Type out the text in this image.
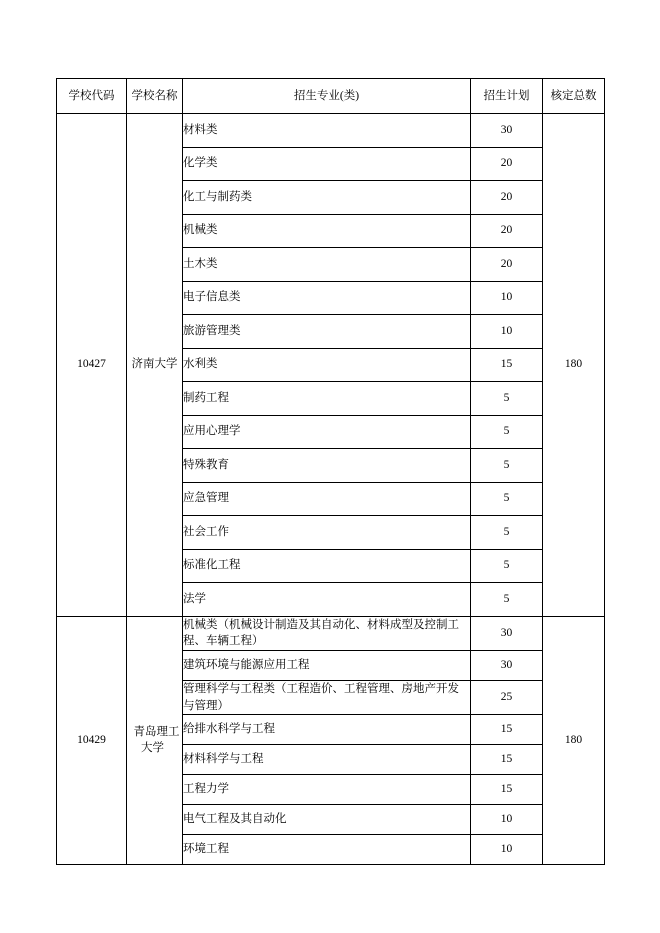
学校代码	学校名称	招生专业(类)	招生计划	核定总数
10427	济南大学	材料类	30	180
		化学类	20	
		化工与制药类	20	
		机械类	20	
		土木类	20	
		电子信息类	10	
		旅游管理类	10	
		水利类	15	
		制药工程	5	
		应用心理学	5	
		特殊教育	5	
		应急管理	5	
		社会工作	5	
		标准化工程	5	
		法学	5	
10429	青岛理工大学	机械类（机械设计制造及其自动化、材料成型及控制工程、车辆工程）	30	180
		建筑环境与能源应用工程	30	
		管理科学与工程类（工程造价、工程管理、房地产开发与管理）	25	
		给排水科学与工程	15	
		材料科学与工程	15	
		工程力学	15	
		电气工程及其自动化	10	
		环境工程	10	
